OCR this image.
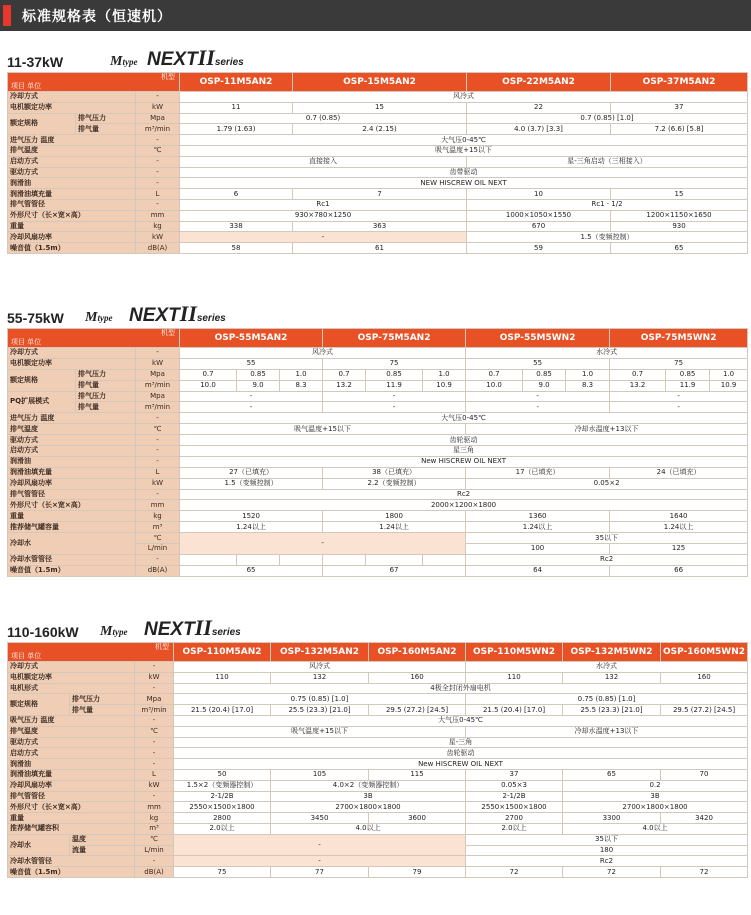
标准规格表（恒速机）
11-37kW	Mtype NEXTIIseries
机型
项目 单位			OSP-11M5AN2	OSP-15M5AN2	OSP-22M5AN2	OSP-37M5AN2
冷却方式		-	风冷式			
电机额定功率		kW	11	15	22	37
额定规格	排气压力	Mpa	0.7 (0.85)		0.7 (0.85) [1.0]	
	排气量	m³/min	1.79 (1.63)	2.4 (2.15)	4.0 (3.7) [3.3]	7.2 (6.6) [5.8]
进气压力 温度		-	大气压0-45℃			
排气温度		℃	吸气温度+15以下			
启动方式		-	直接接入		星-三角启动（三相接入）	
驱动方式		-	齿带驱动			
润滑油		-	NEW HISCREW OIL NEXT			
润滑油填充量		L	6	7	10	15
排气管管径		-	Rc1		Rc1 · 1/2	
外形尺寸（长×宽×高）		mm	930×780×1250		1000×1050×1550	1200×1150×1650
重量		kg	338	363	670	930
冷却风扇功率		kW	-		1.5（变频控制）	
噪音值（1.5m）		dB(A)	58	61	59	65
55-75kW Mtype NEXTIIseries
机型
项目 单位			OSP-55M5AN2			OSP-75M5AN2			OSP-55M5WN2			OSP-75M5WN2		
冷却方式		-	风冷式						水冷式					
电机额定功率		kW	55			75			55			75		
额定规格	排气压力	Mpa	0.7	0.85	1.0	0.7	0.85	1.0	0.7	0.85	1.0	0.7	0.85	1.0
	排气量	m³/min	10.0	9.0	8.3	13.2	11.9	10.9	10.0	9.0	8.3	13.2	11.9	10.9
PQ扩展模式	排气压力	Mpa	-			-			-			-		
	排气量	m³/min	-			-			-			-		
进气压力 温度		-	大气压0-45℃											
排气温度		℃	吸气温度+15以下						冷却水温度+13以下					
驱动方式		-	齿轮驱动											
启动方式		-	星三角											
润滑油		-	New HISCREW OIL NEXT											
润滑油填充量		L	27（已填充）			38（已填充）			17（已填充）			24（已填充）		
冷却风扇功率		kW	1.5（变频控制）			2.2（变频控制）			0.05×2					
排气管管径		-	Rc2											
外形尺寸（长×宽×高）		mm	2000×1200×1800											
重量		kg	1520			1800			1360			1640		
推荐储气罐容量		m³	1.24以上			1.24以上			1.24以上			1.24以上		
冷却水		℃	-						35以下					
		L/min							100			125		
冷却水管管径		-							Rc2					
噪音值（1.5m）		dB(A)	65			67			64			66		
110-160kW Mtype NEXTIIseries
机型
项目 单位			OSP-110M5AN2	OSP-132M5AN2	OSP-160M5AN2	OSP-110M5WN2	OSP-132M5WN2	OSP-160M5WN2
冷却方式		-	风冷式			水冷式		
电机额定功率		kW	110	132	160	110	132	160
电机形式		-	4极全封闭外扇电机					
额定规格	排气压力	Mpa	0.75 (0.85) [1.0]			0.75 (0.85) [1.0]		
	排气量	m³/min	21.5 (20.4) [17.0]	25.5 (23.3) [21.0]	29.5 (27.2) [24.5]	21.5 (20.4) [17.0]	25.5 (23.3) [21.0]	29.5 (27.2) [24.5]
吸气压力 温度		-	大气压0-45℃					
排气温度		℃	吸气温度+15以下			冷却水温度+13以下		
驱动方式		-	星-三角					
启动方式		-	齿轮驱动					
润滑油		-	New HISCREW OIL NEXT					
润滑油填充量		L	50	105	115	37	65	70
冷却风扇功率		kW	1.5×2（变频器控制）	4.0×2（变频器控制）		0.05×3	0.2	
排气管管径		-	2-1/2B	3B		2-1/2B	3B	
外形尺寸（长×宽×高）		mm	2550×1500×1800	2700×1800×1800		2550×1500×1800	2700×1800×1800	
重量		kg	2800	3450	3600	2700	3300	3420
推荐储气罐容积		m³	2.0以上	4.0以上		2.0以上	4.0以上	
冷却水	温度	℃	-			35以下		
	流量	L/min				180		
冷却水管管径		-	-			Rc2		
噪音值（1.5m）		dB(A)	75	77	79	72	72	72
